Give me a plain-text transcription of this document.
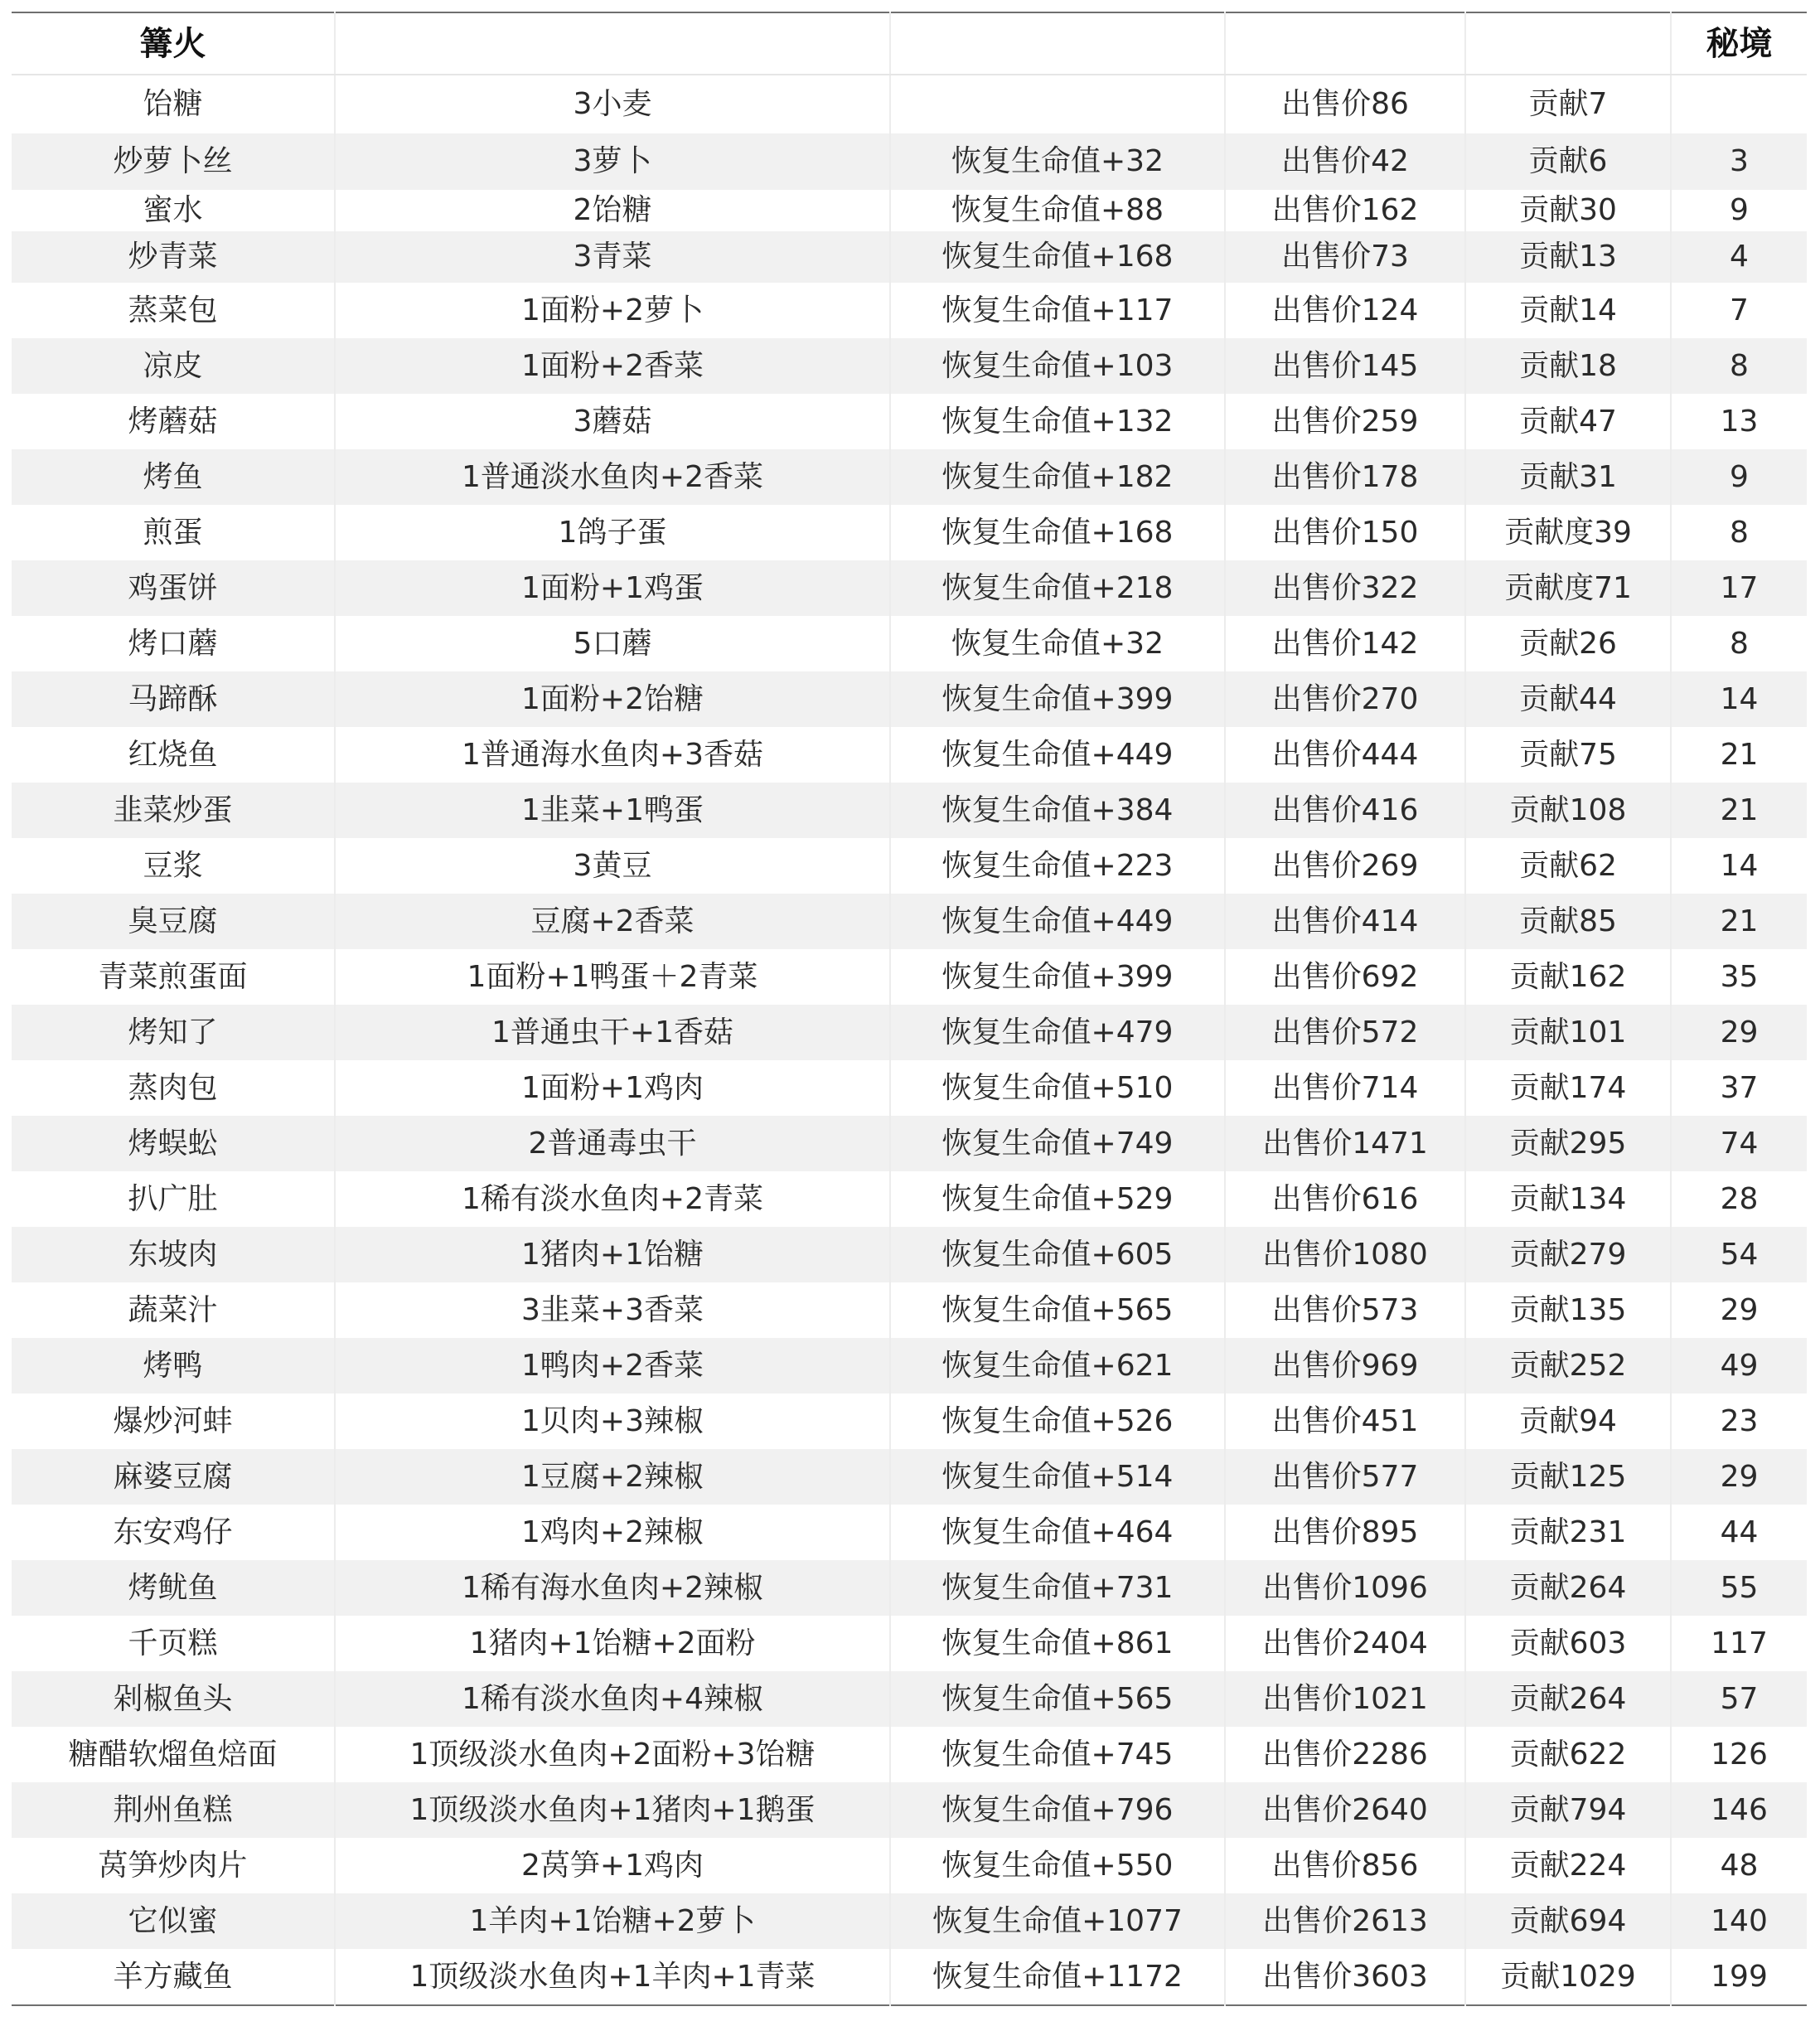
篝火					秘境
饴糖	3小麦		出售价86	贡献7	
炒萝卜丝	3萝卜	恢复生命值+32	出售价42	贡献6	3
蜜水	2饴糖	恢复生命值+88	出售价162	贡献30	9
炒青菜	3青菜	恢复生命值+168	出售价73	贡献13	4
蒸菜包	1面粉+2萝卜	恢复生命值+117	出售价124	贡献14	7
凉皮	1面粉+2香菜	恢复生命值+103	出售价145	贡献18	8
烤蘑菇	3蘑菇	恢复生命值+132	出售价259	贡献47	13
烤鱼	1普通淡水鱼肉+2香菜	恢复生命值+182	出售价178	贡献31	9
煎蛋	1鸽子蛋	恢复生命值+168	出售价150	贡献度39	8
鸡蛋饼	1面粉+1鸡蛋	恢复生命值+218	出售价322	贡献度71	17
烤口蘑	5口蘑	恢复生命值+32	出售价142	贡献26	8
马蹄酥	1面粉+2饴糖	恢复生命值+399	出售价270	贡献44	14
红烧鱼	1普通海水鱼肉+3香菇	恢复生命值+449	出售价444	贡献75	21
韭菜炒蛋	1韭菜+1鸭蛋	恢复生命值+384	出售价416	贡献108	21
豆浆	3黄豆	恢复生命值+223	出售价269	贡献62	14
臭豆腐	豆腐+2香菜	恢复生命值+449	出售价414	贡献85	21
青菜煎蛋面	1面粉+1鸭蛋＋2青菜	恢复生命值+399	出售价692	贡献162	35
烤知了	1普通虫干+1香菇	恢复生命值+479	出售价572	贡献101	29
蒸肉包	1面粉+1鸡肉	恢复生命值+510	出售价714	贡献174	37
烤蜈蚣	2普通毒虫干	恢复生命值+749	出售价1471	贡献295	74
扒广肚	1稀有淡水鱼肉+2青菜	恢复生命值+529	出售价616	贡献134	28
东坡肉	1猪肉+1饴糖	恢复生命值+605	出售价1080	贡献279	54
蔬菜汁	3韭菜+3香菜	恢复生命值+565	出售价573	贡献135	29
烤鸭	1鸭肉+2香菜	恢复生命值+621	出售价969	贡献252	49
爆炒河蚌	1贝肉+3辣椒	恢复生命值+526	出售价451	贡献94	23
麻婆豆腐	1豆腐+2辣椒	恢复生命值+514	出售价577	贡献125	29
东安鸡仔	1鸡肉+2辣椒	恢复生命值+464	出售价895	贡献231	44
烤鱿鱼	1稀有海水鱼肉+2辣椒	恢复生命值+731	出售价1096	贡献264	55
千页糕	1猪肉+1饴糖+2面粉	恢复生命值+861	出售价2404	贡献603	117
剁椒鱼头	1稀有淡水鱼肉+4辣椒	恢复生命值+565	出售价1021	贡献264	57
糖醋软熘鱼焙面	1顶级淡水鱼肉+2面粉+3饴糖	恢复生命值+745	出售价2286	贡献622	126
荆州鱼糕	1顶级淡水鱼肉+1猪肉+1鹅蛋	恢复生命值+796	出售价2640	贡献794	146
莴笋炒肉片	2莴笋+1鸡肉	恢复生命值+550	出售价856	贡献224	48
它似蜜	1羊肉+1饴糖+2萝卜	恢复生命值+1077	出售价2613	贡献694	140
羊方藏鱼	1顶级淡水鱼肉+1羊肉+1青菜	恢复生命值+1172	出售价3603	贡献1029	199
